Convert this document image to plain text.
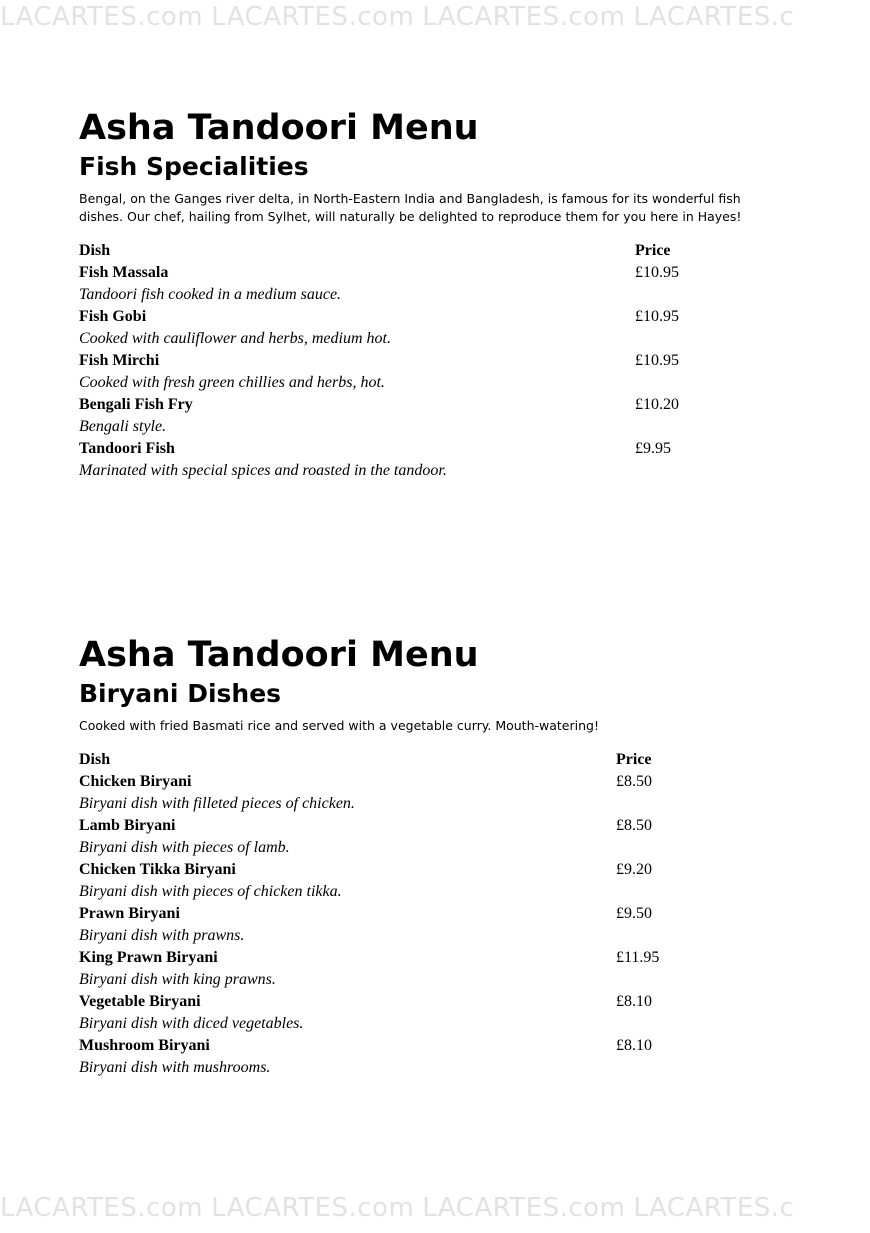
LACARTES.com LACARTES.com LACARTES.com LACARTES.c
Asha Tandoori Menu
Fish Specialities

Bengal, on the Ganges river delta, in North-Eastern India and Bangladesh, is famous for its wonderful fish
dishes. Our chef, hailing from Sylhet, will naturally be delighted to reproduce them for you here in Hayes!

Dish	Price
Fish Massala	£10.95
Tandoori fish cooked in a medium sauce.	
Fish Gobi	£10.95
Cooked with cauliflower and herbs, medium hot.	
Fish Mirchi	£10.95
Cooked with fresh green chillies and herbs, hot.	
Bengali Fish Fry	£10.20
Bengali style.	
Tandoori Fish	£9.95
Marinated with special spices and roasted in the tandoor.	
Asha Tandoori Menu
Biryani Dishes

Cooked with fried Basmati rice and served with a vegetable curry. Mouth-watering!

Dish	Price
Chicken Biryani	£8.50
Biryani dish with filleted pieces of chicken.	
Lamb Biryani	£8.50
Biryani dish with pieces of lamb.	
Chicken Tikka Biryani	£9.20
Biryani dish with pieces of chicken tikka.	
Prawn Biryani	£9.50
Biryani dish with prawns.	
King Prawn Biryani	£11.95
Biryani dish with king prawns.	
Vegetable Biryani	£8.10
Biryani dish with diced vegetables.	
Mushroom Biryani	£8.10
Biryani dish with mushrooms.	
LACARTES.com LACARTES.com LACARTES.com LACARTES.c
